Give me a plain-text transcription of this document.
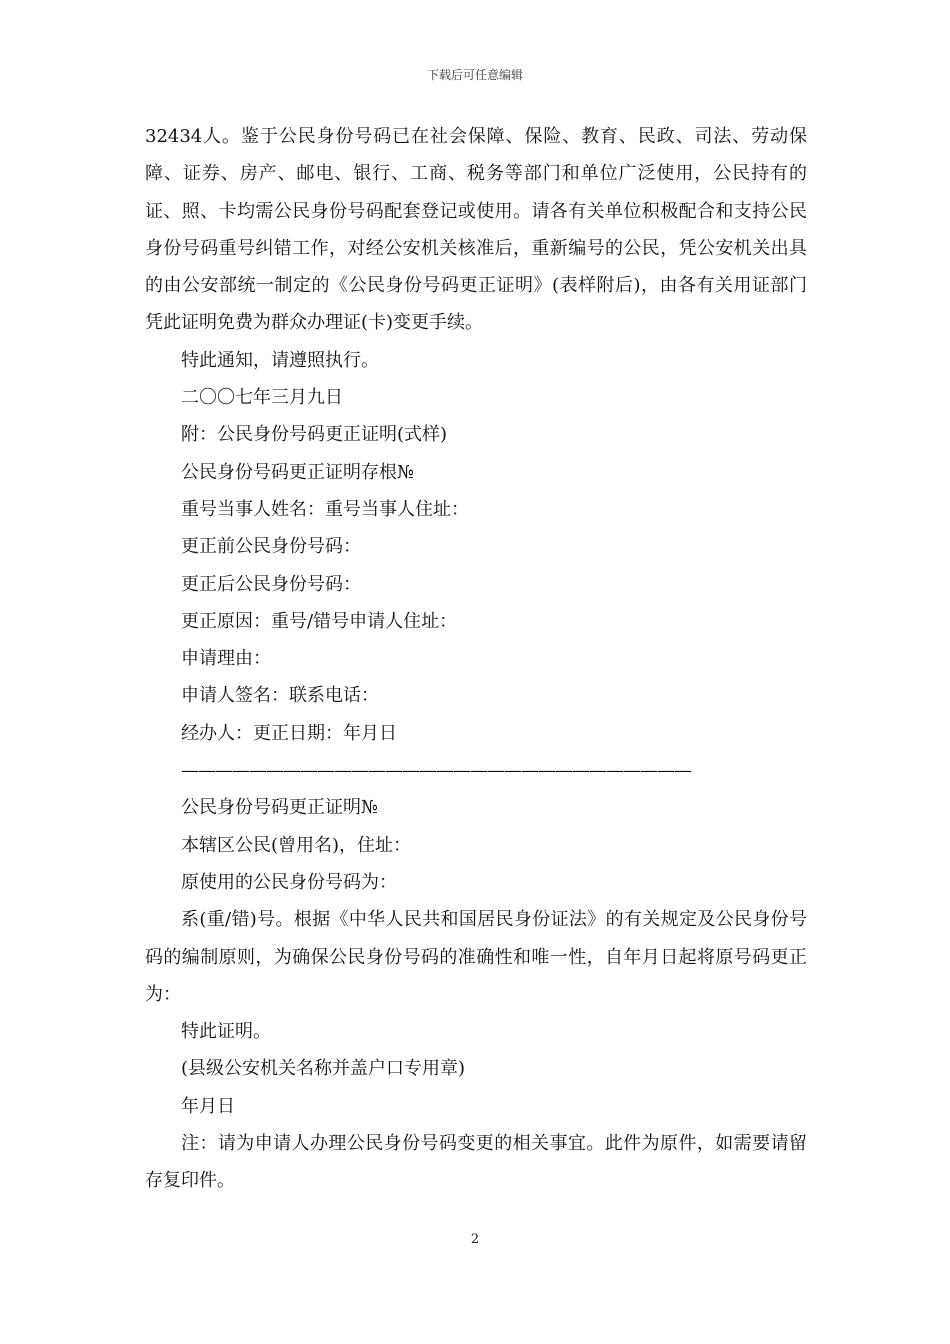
下载后可任意编辑

32434人。鉴于公民身份号码已在社会保障、保险、教育、民政、司法、劳动保障、证券、房产、邮电、银行、工商、税务等部门和单位广泛使用，公民持有的证、照、卡均需公民身份号码配套登记或使用。请各有关单位积极配合和支持公民身份号码重号纠错工作，对经公安机关核准后，重新编号的公民，凭公安机关出具的由公安部统一制定的《公民身份号码更正证明》(表样附后)，由各有关用证部门凭此证明免费为群众办理证(卡)变更手续。

特此通知，请遵照执行。

二〇〇七年三月九日

附：公民身份号码更正证明(式样)

公民身份号码更正证明存根№

重号当事人姓名：重号当事人住址：

更正前公民身份号码：

更正后公民身份号码：

更正原因：重号/错号申请人住址：

申请理由：

申请人签名：联系电话：

经办人：更正日期：年月日

——————————————————————————————

公民身份号码更正证明№

本辖区公民(曾用名)，住址：

原使用的公民身份号码为：

系(重/错)号。根据《中华人民共和国居民身份证法》的有关规定及公民身份号码的编制原则，为确保公民身份号码的准确性和唯一性，自年月日起将原号码更正为：

特此证明。

(县级公安机关名称并盖户口专用章)

年月日

注：请为申请人办理公民身份号码变更的相关事宜。此件为原件，如需要请留存复印件。

2
